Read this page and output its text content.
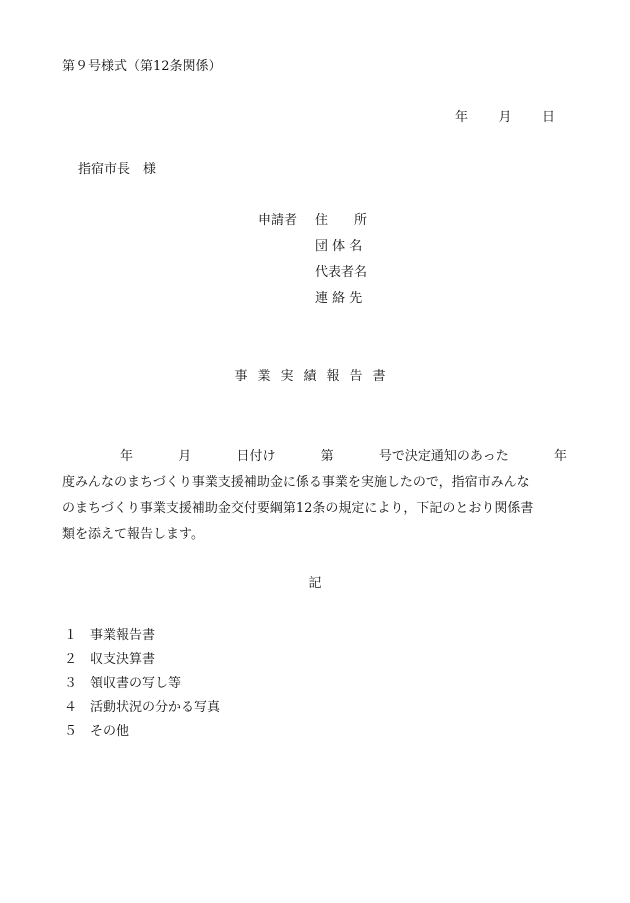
第９号様式（第12条関係）
年 月 日
指宿市長　様
申請者 住　　所
団 体 名
代表者名
連 絡 先
事業実績報告書
年	月	日付け	第	号で決定通知のあった	年
度みんなのまちづくり事業支援補助金に係る事業を実施したので，指宿市みんな
のまちづくり事業支援補助金交付要綱第12条の規定により，下記のとおり関係書
類を添えて報告します。
記
１ 事業報告書
２ 収支決算書
３ 領収書の写し等
４ 活動状況の分かる写真
５ その他
